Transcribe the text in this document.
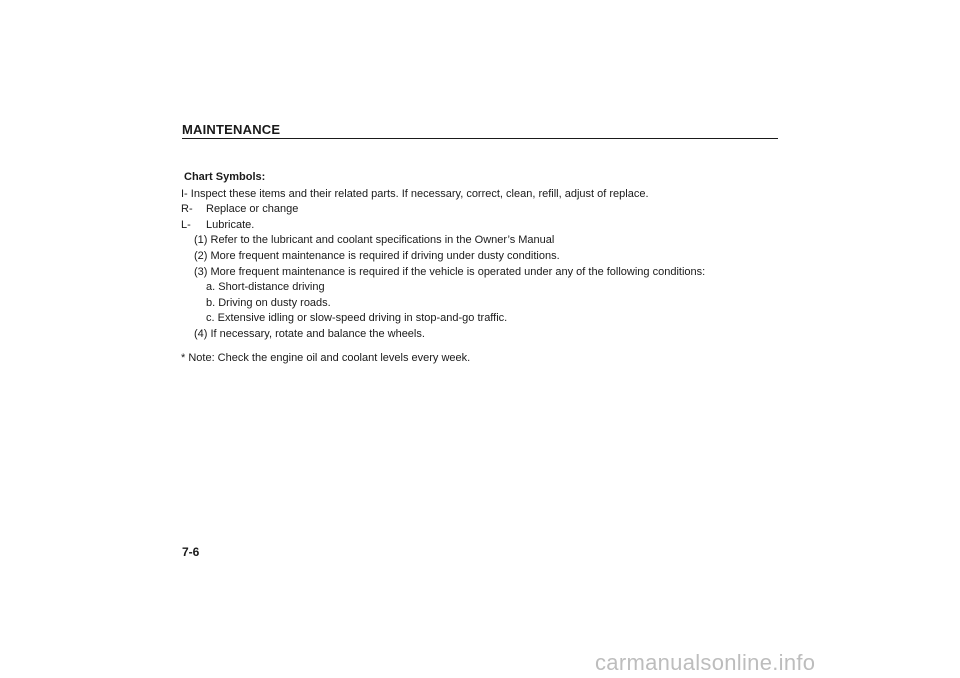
MAINTENANCE

Chart Symbols:

I- Inspect these items and their related parts. If necessary, correct, clean, refill, adjust of replace.

R-	Replace or change
L-	Lubricate.

(1) Refer to the lubricant and coolant specifications in the Owner’s Manual

(2) More frequent maintenance is required if driving under dusty conditions.

(3) More frequent maintenance is required if the vehicle is operated under any of the following conditions:

a. Short-distance driving

b. Driving on dusty roads.

c. Extensive idling or slow-speed driving in stop-and-go traffic.

(4) If necessary, rotate and balance the wheels.

* Note: Check the engine oil and coolant levels every week.

7-6
carmanualsonline.info
